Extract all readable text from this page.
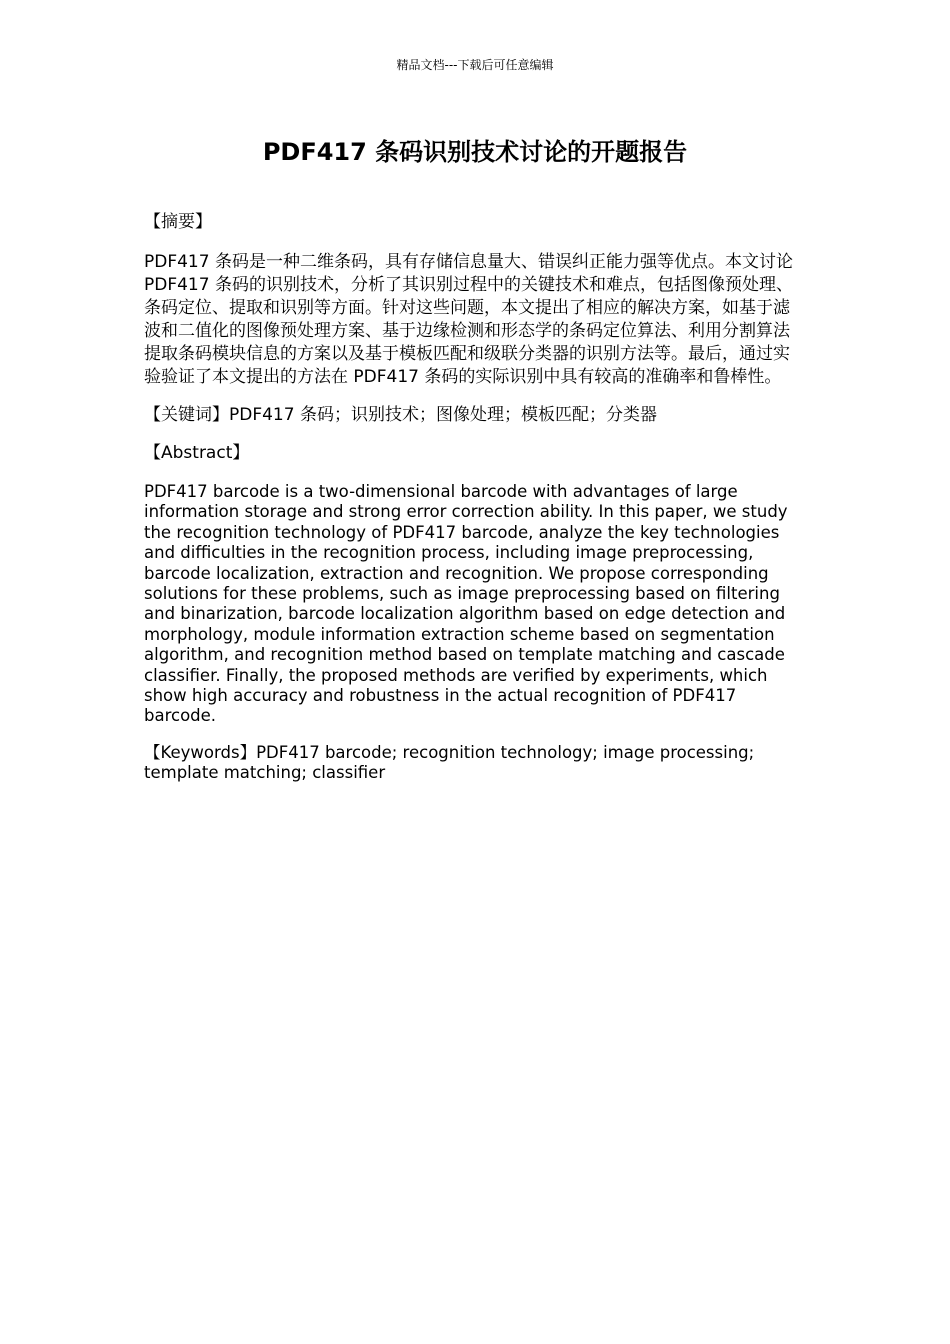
精品文档---下载后可任意编辑
PDF417 条码识别技术讨论的开题报告

【摘要】

PDF417 条码是一种二维条码，具有存储信息量大、错误纠正能力强等优点。本文讨论 PDF417 条码的识别技术，分析了其识别过程中的关键技术和难点，包括图像预处理、条码定位、提取和识别等方面。针对这些问题，本文提出了相应的解决方案，如基于滤波和二值化的图像预处理方案、基于边缘检测和形态学的条码定位算法、利用分割算法提取条码模块信息的方案以及基于模板匹配和级联分类器的识别方法等。最后，通过实验验证了本文提出的方法在 PDF417 条码的实际识别中具有较高的准确率和鲁棒性。

【关键词】PDF417 条码；识别技术；图像处理；模板匹配；分类器

【Abstract】

PDF417 barcode is a two-dimensional barcode with advantages of large information storage and strong error correction ability. In this paper, we study the recognition technology of PDF417 barcode, analyze the key technologies and difficulties in the recognition process, including image preprocessing, barcode localization, extraction and recognition. We propose corresponding solutions for these problems, such as image preprocessing based on filtering and binarization, barcode localization algorithm based on edge detection and morphology, module information extraction scheme based on segmentation algorithm, and recognition method based on template matching and cascade classifier. Finally, the proposed methods are verified by experiments, which show high accuracy and robustness in the actual recognition of PDF417 barcode.

【Keywords】PDF417 barcode; recognition technology; image processing; template matching; classifier
